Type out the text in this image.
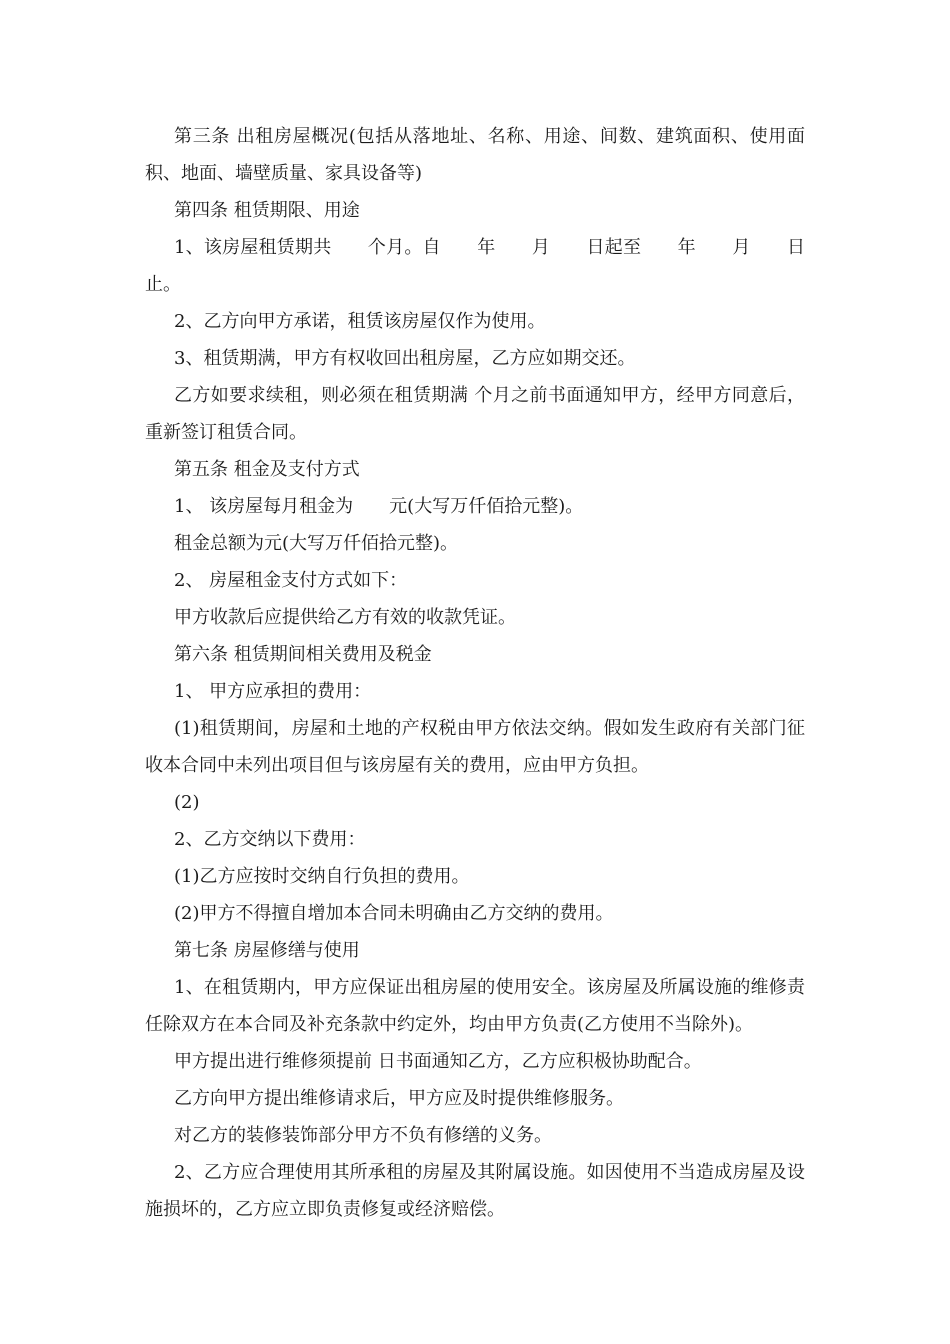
第三条 出租房屋概况(包括从落地址、名称、用途、间数、建筑面积、使用面积、地面、墙壁质量、家具设备等)

第四条 租赁期限、用途

1、该房屋租赁期共　　个月。自　　年　　月　　日起至　　年　　月　　日止。

2、乙方向甲方承诺，租赁该房屋仅作为使用。

3、租赁期满，甲方有权收回出租房屋，乙方应如期交还。

乙方如要求续租，则必须在租赁期满 个月之前书面通知甲方，经甲方同意后，重新签订租赁合同。

第五条 租金及支付方式

1、 该房屋每月租金为　　元(大写万仟佰拾元整)。

租金总额为元(大写万仟佰拾元整)。

2、 房屋租金支付方式如下：

甲方收款后应提供给乙方有效的收款凭证。

第六条 租赁期间相关费用及税金

1、 甲方应承担的费用：

(1)租赁期间，房屋和土地的产权税由甲方依法交纳。假如发生政府有关部门征收本合同中未列出项目但与该房屋有关的费用，应由甲方负担。

(2)

2、乙方交纳以下费用：

(1)乙方应按时交纳自行负担的费用。

(2)甲方不得擅自增加本合同未明确由乙方交纳的费用。

第七条 房屋修缮与使用

1、在租赁期内，甲方应保证出租房屋的使用安全。该房屋及所属设施的维修责任除双方在本合同及补充条款中约定外，均由甲方负责(乙方使用不当除外)。

甲方提出进行维修须提前 日书面通知乙方，乙方应积极协助配合。

乙方向甲方提出维修请求后，甲方应及时提供维修服务。

对乙方的装修装饰部分甲方不负有修缮的义务。

2、乙方应合理使用其所承租的房屋及其附属设施。如因使用不当造成房屋及设施损坏的，乙方应立即负责修复或经济赔偿。
